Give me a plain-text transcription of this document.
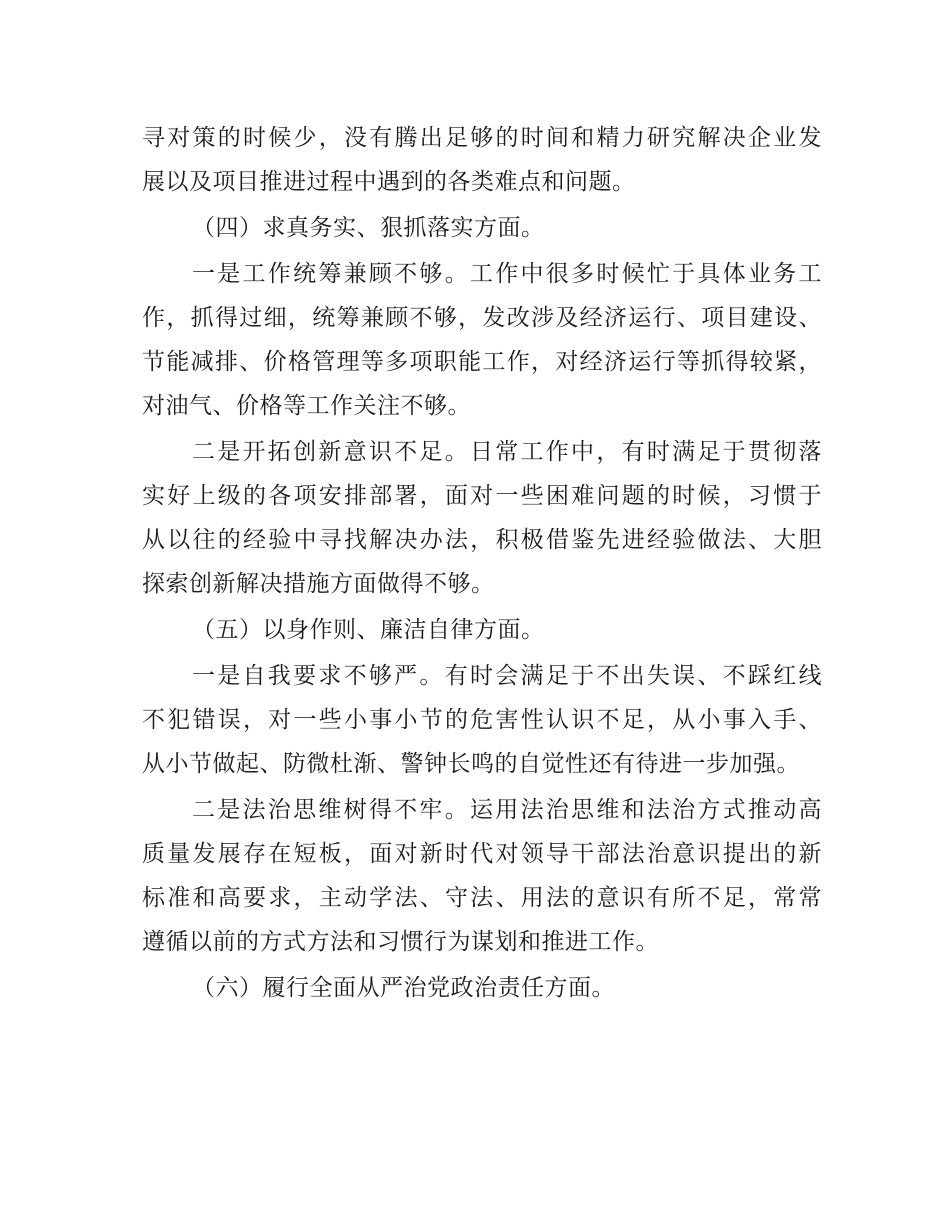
寻对策的时候少，没有腾出足够的时间和精力研究解决企业发
展以及项目推进过程中遇到的各类难点和问题。
（四）求真务实、狠抓落实方面。
一是工作统筹兼顾不够。工作中很多时候忙于具体业务工
作，抓得过细，统筹兼顾不够，发改涉及经济运行、项目建设、
节能减排、价格管理等多项职能工作，对经济运行等抓得较紧，
对油气、价格等工作关注不够。
二是开拓创新意识不足。日常工作中，有时满足于贯彻落
实好上级的各项安排部署，面对一些困难问题的时候，习惯于
从以往的经验中寻找解决办法，积极借鉴先进经验做法、大胆
探索创新解决措施方面做得不够。
（五）以身作则、廉洁自律方面。
一是自我要求不够严。有时会满足于不出失误、不踩红线
不犯错误，对一些小事小节的危害性认识不足，从小事入手、
从小节做起、防微杜渐、警钟长鸣的自觉性还有待进一步加强。
二是法治思维树得不牢。运用法治思维和法治方式推动高
质量发展存在短板，面对新时代对领导干部法治意识提出的新
标准和高要求，主动学法、守法、用法的意识有所不足，常常
遵循以前的方式方法和习惯行为谋划和推进工作。
（六）履行全面从严治党政治责任方面。
